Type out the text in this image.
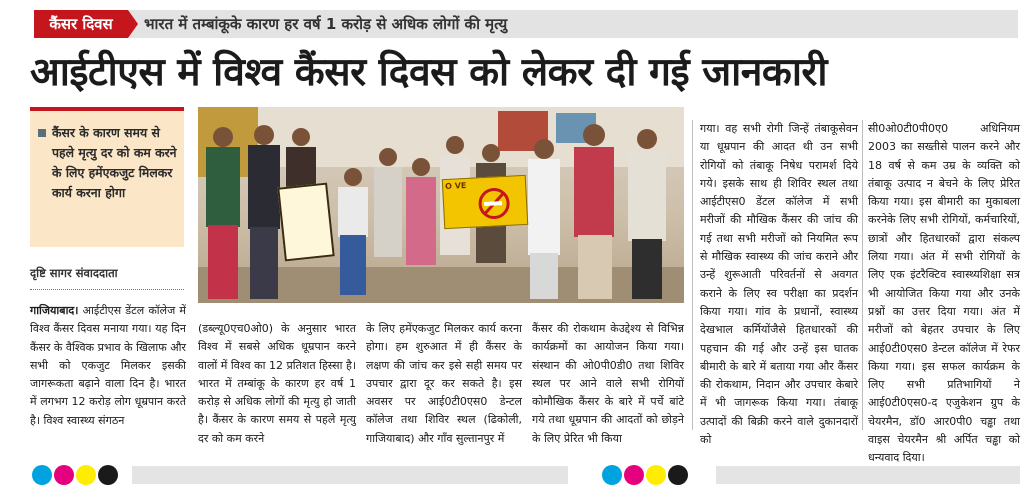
कैंसर दिवस	भारत में तम्बांकूके कारण हर वर्ष 1 करोड़ से अधिक लोगों की मृत्यु
आईटीएस में विश्व कैंसर दिवस को लेकर दी गई जानकारी
कैंसर के कारण समय से पहले मृत्यु दर को कम करने के लिए हमेंएकजुट मिलकर कार्य करना होगा
दृष्टि सागर संवाददाता
O VE
गाजियाबाद। आईटीएस डेंटल कॉलेज में विश्व कैंसर दिवस मनाया गया। यह दिन कैंसर के वैश्विक प्रभाव के खिलाफ और सभी को एकजुट मिलकर इसकी जागरूकता बढ़ाने वाला दिन है। भारत में लगभग 12 करोड़ लोग धूम्रपान करते है। विश्व स्वास्थ्य संगठन
(डब्ल्यू0एच0ओ0) के अनुसार भारत विश्व में सबसे अधिक धूम्रपान करने वालों में विश्व का 12 प्रतिशत हिस्सा है। भारत में तम्बांकू के कारण हर वर्ष 1 करोड़ से अधिक लोगों की मृत्यु हो जाती है। कैंसर के कारण समय से पहले मृत्यु दर को कम करने
के लिए हमेंएकजुट मिलकर कार्य करना होगा। हम शुरुआत में ही कैंसर के लक्षण की जांच कर इसे सही समय पर उपचार द्वारा दूर कर सकते है। इस अवसर पर आई0टी0एस0 डेन्टल कॉलेज तथा शिविर स्थल (ढिकोली, गाजियाबाद) और गाँव सुल्तानपुर में
कैंसर की रोकथाम केउद्देश्य से विभिन्न कार्यक्रमों का आयोजन किया गया। संस्थान की ओ0पी0डी0 तथा शिविर स्थल पर आने वाले सभी रोगियों कोमौखिक कैंसर के बारे में पर्चे बांटे गये तथा धूम्रपान की आदतों को छोड़ने के लिए प्रेरित भी किया
गया। वह सभी रोगी जिन्हें तंबाकूसेवन या धूम्रपान की आदत थी उन सभी रोगियों को तंबाकू निषेध परामर्श दिये गये। इसके साथ ही शिविर स्थल तथा आईटीएस0 डेंटल कॉलेज में सभी मरीजों की मौखिक कैंसर की जांच की गई तथा सभी मरीजों को नियमित रूप से मौखिक स्वास्थ्य की जांच कराने और उन्हें शुरूआती परिवर्तनों से अवगत कराने के लिए स्व परीक्षा का प्रदर्शन किया गया। गांव के प्रधानों, स्वास्थ्य देखभाल कर्मियोंजैसे हितधारकों की पहचान की गई और उन्हें इस घातक बीमारी के बारे में बताया गया और कैंसर की रोकथाम, निदान और उपचार केबारे में भी जागरूक किया गया। तंबाकू उत्पादों की बिक्री करने वाले दुकानदारों को
सी0ओ0टी0पी0ए0 अधिनियम 2003 का सख्तीसे पालन करने और 18 वर्ष से कम उम्र के व्यक्ति को तंबाकू उत्पाद न बेचने के लिए प्रेरित किया गया। इस बीमारी का मुकाबला करनेके लिए सभी रोगियों, कर्मचारियों, छात्रों और हितधारकों द्वारा संकल्प लिया गया। अंत में सभी रोगियों के लिए एक इंटरैक्टिव स्वास्थ्यशिक्षा सत्र भी आयोजित किया गया और उनके प्रश्नों का उत्तर दिया गया। अंत में मरीजों को बेहतर उपचार के लिए आई0टी0एस0 डेन्टल कॉलेज में रेफर किया गया। इस सफल कार्यक्रम के लिए सभी प्रतिभागियों ने आई0टी0एस0-द एजुकेशन ग्रुप के चेयरमैन, डॉ0 आर0पी0 चड्ढा तथा वाइस चेयरमैन श्री अर्पित चड्ढा को धन्यवाद दिया।
